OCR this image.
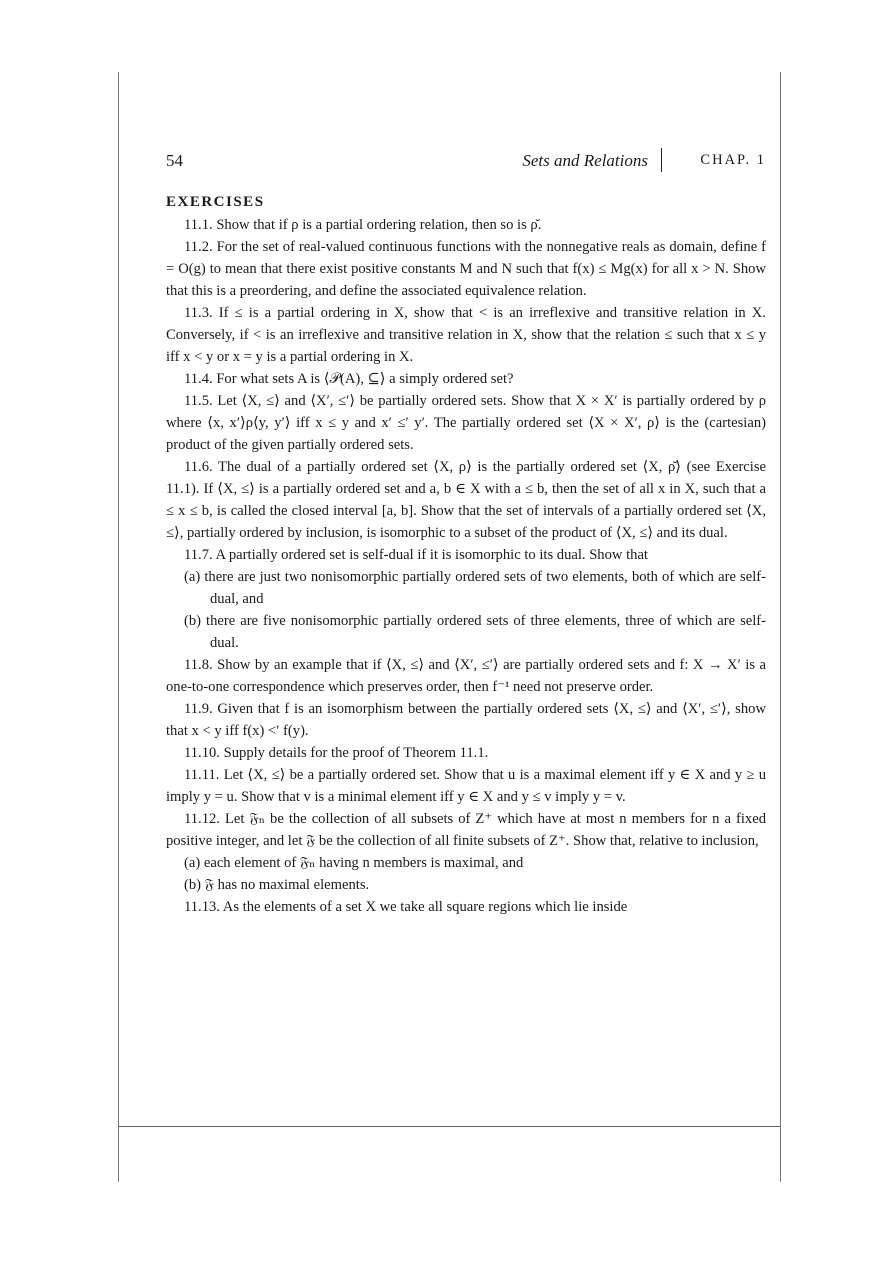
54	Sets and Relations	CHAP. 1
EXERCISES

11.1. Show that if ρ is a partial ordering relation, then so is ρ̆.

11.2. For the set of real-valued continuous functions with the nonnegative reals as domain, define f = O(g) to mean that there exist positive constants M and N such that f(x) ≤ Mg(x) for all x > N. Show that this is a preordering, and define the associated equivalence relation.

11.3. If ≤ is a partial ordering in X, show that < is an irreflexive and transitive relation in X. Conversely, if < is an irreflexive and transitive relation in X, show that the relation ≤ such that x ≤ y iff x < y or x = y is a partial ordering in X.

11.4. For what sets A is ⟨𝒫(A), ⊆⟩ a simply ordered set?

11.5. Let ⟨X, ≤⟩ and ⟨X′, ≤′⟩ be partially ordered sets. Show that X × X′ is partially ordered by ρ where ⟨x, x′⟩ρ⟨y, y′⟩ iff x ≤ y and x′ ≤′ y′. The partially ordered set ⟨X × X′, ρ⟩ is the (cartesian) product of the given partially ordered sets.

11.6. The dual of a partially ordered set ⟨X, ρ⟩ is the partially ordered set ⟨X, ρ̆⟩ (see Exercise 11.1). If ⟨X, ≤⟩ is a partially ordered set and a, b ∈ X with a ≤ b, then the set of all x in X, such that a ≤ x ≤ b, is called the closed interval [a, b]. Show that the set of intervals of a partially ordered set ⟨X, ≤⟩, partially ordered by inclusion, is isomorphic to a subset of the product of ⟨X, ≤⟩ and its dual.

11.7. A partially ordered set is self-dual if it is isomorphic to its dual. Show that

(a) there are just two nonisomorphic partially ordered sets of two elements, both of which are self-dual, and

(b) there are five nonisomorphic partially ordered sets of three elements, three of which are self-dual.

11.8. Show by an example that if ⟨X, ≤⟩ and ⟨X′, ≤′⟩ are partially ordered sets and f: X → X′ is a one-to-one correspondence which preserves order, then f⁻¹ need not preserve order.

11.9. Given that f is an isomorphism between the partially ordered sets ⟨X, ≤⟩ and ⟨X′, ≤′⟩, show that x < y iff f(x) <′ f(y).

11.10. Supply details for the proof of Theorem 11.1.

11.11. Let ⟨X, ≤⟩ be a partially ordered set. Show that u is a maximal element iff y ∈ X and y ≥ u imply y = u. Show that v is a minimal element iff y ∈ X and y ≤ v imply y = v.

11.12. Let 𝔉ₙ be the collection of all subsets of Z⁺ which have at most n members for n a fixed positive integer, and let 𝔉 be the collection of all finite subsets of Z⁺. Show that, relative to inclusion,

(a) each element of 𝔉ₙ having n members is maximal, and

(b) 𝔉 has no maximal elements.

11.13. As the elements of a set X we take all square regions which lie inside
